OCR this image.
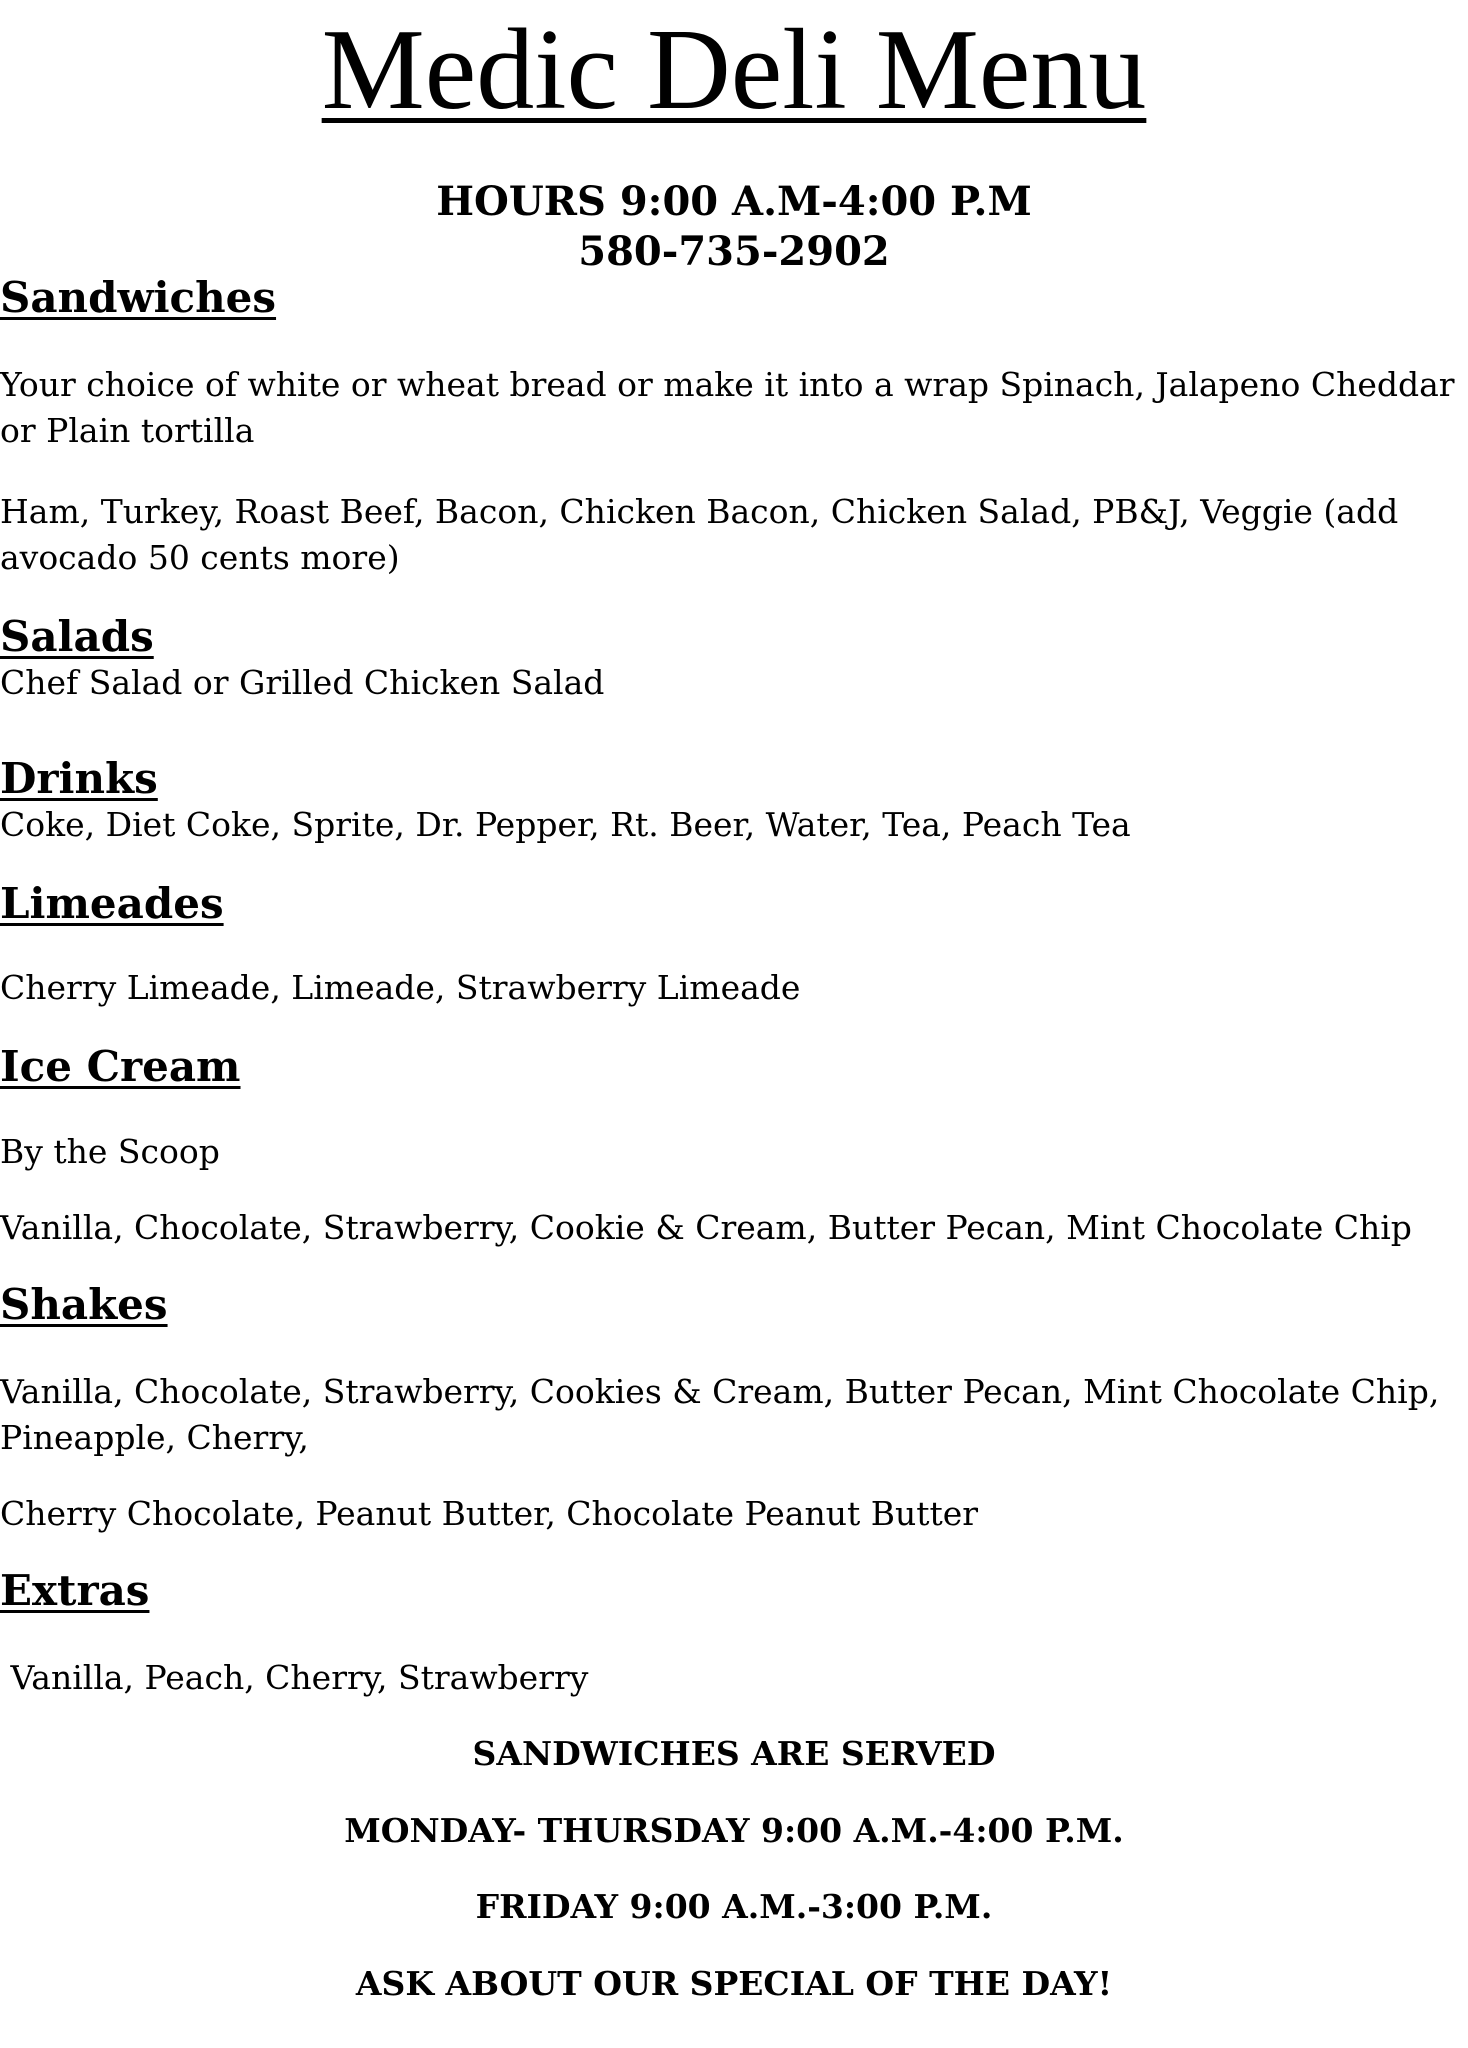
Medic Deli Menu
HOURS 9:00 A.M-4:00 P.M
580-735-2902
Sandwiches
Your choice of white or wheat bread or make it into a wrap Spinach, Jalapeno Cheddar or Plain tortilla
Ham, Turkey, Roast Beef, Bacon, Chicken Bacon, Chicken Salad, PB&J, Veggie (add avocado 50 cents more)
Salads
Chef Salad or Grilled Chicken Salad
Drinks
Coke, Diet Coke, Sprite, Dr. Pepper, Rt. Beer, Water, Tea, Peach Tea
Limeades
Cherry Limeade, Limeade, Strawberry Limeade
Ice Cream
By the Scoop
Vanilla, Chocolate, Strawberry, Cookie & Cream, Butter Pecan, Mint Chocolate Chip
Shakes
Vanilla, Chocolate, Strawberry, Cookies & Cream, Butter Pecan, Mint Chocolate Chip, Pineapple, Cherry,
Cherry Chocolate, Peanut Butter, Chocolate Peanut Butter
Extras
Vanilla, Peach, Cherry, Strawberry
SANDWICHES ARE SERVED
MONDAY- THURSDAY 9:00 A.M.-4:00 P.M.
FRIDAY 9:00 A.M.-3:00 P.M.
ASK ABOUT OUR SPECIAL OF THE DAY!
